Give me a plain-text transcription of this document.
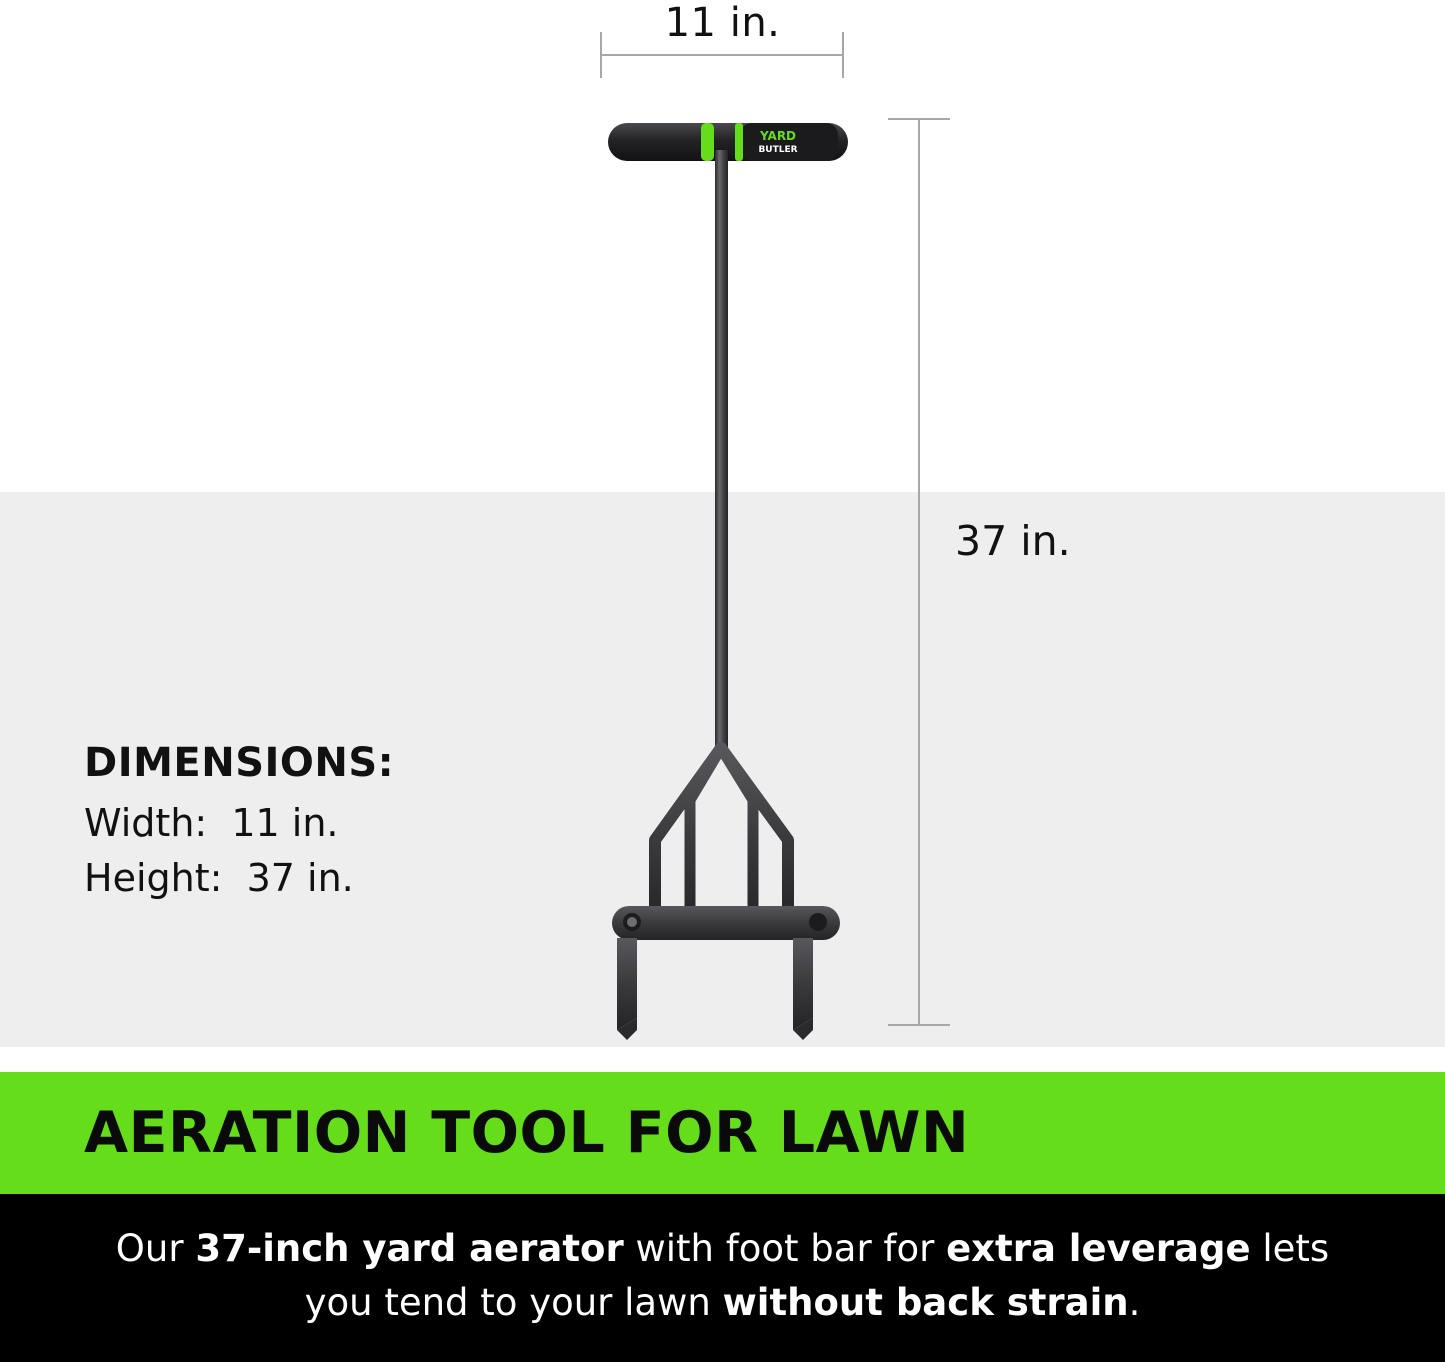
11 in.
37 in.
YARD
BUTLER
DIMENSIONS:
Width:  11 in.
Height:  37 in.
AERATION TOOL FOR LAWN
Our 37-inch yard aerator with foot bar for extra leverage lets you tend to your lawn without back strain.
